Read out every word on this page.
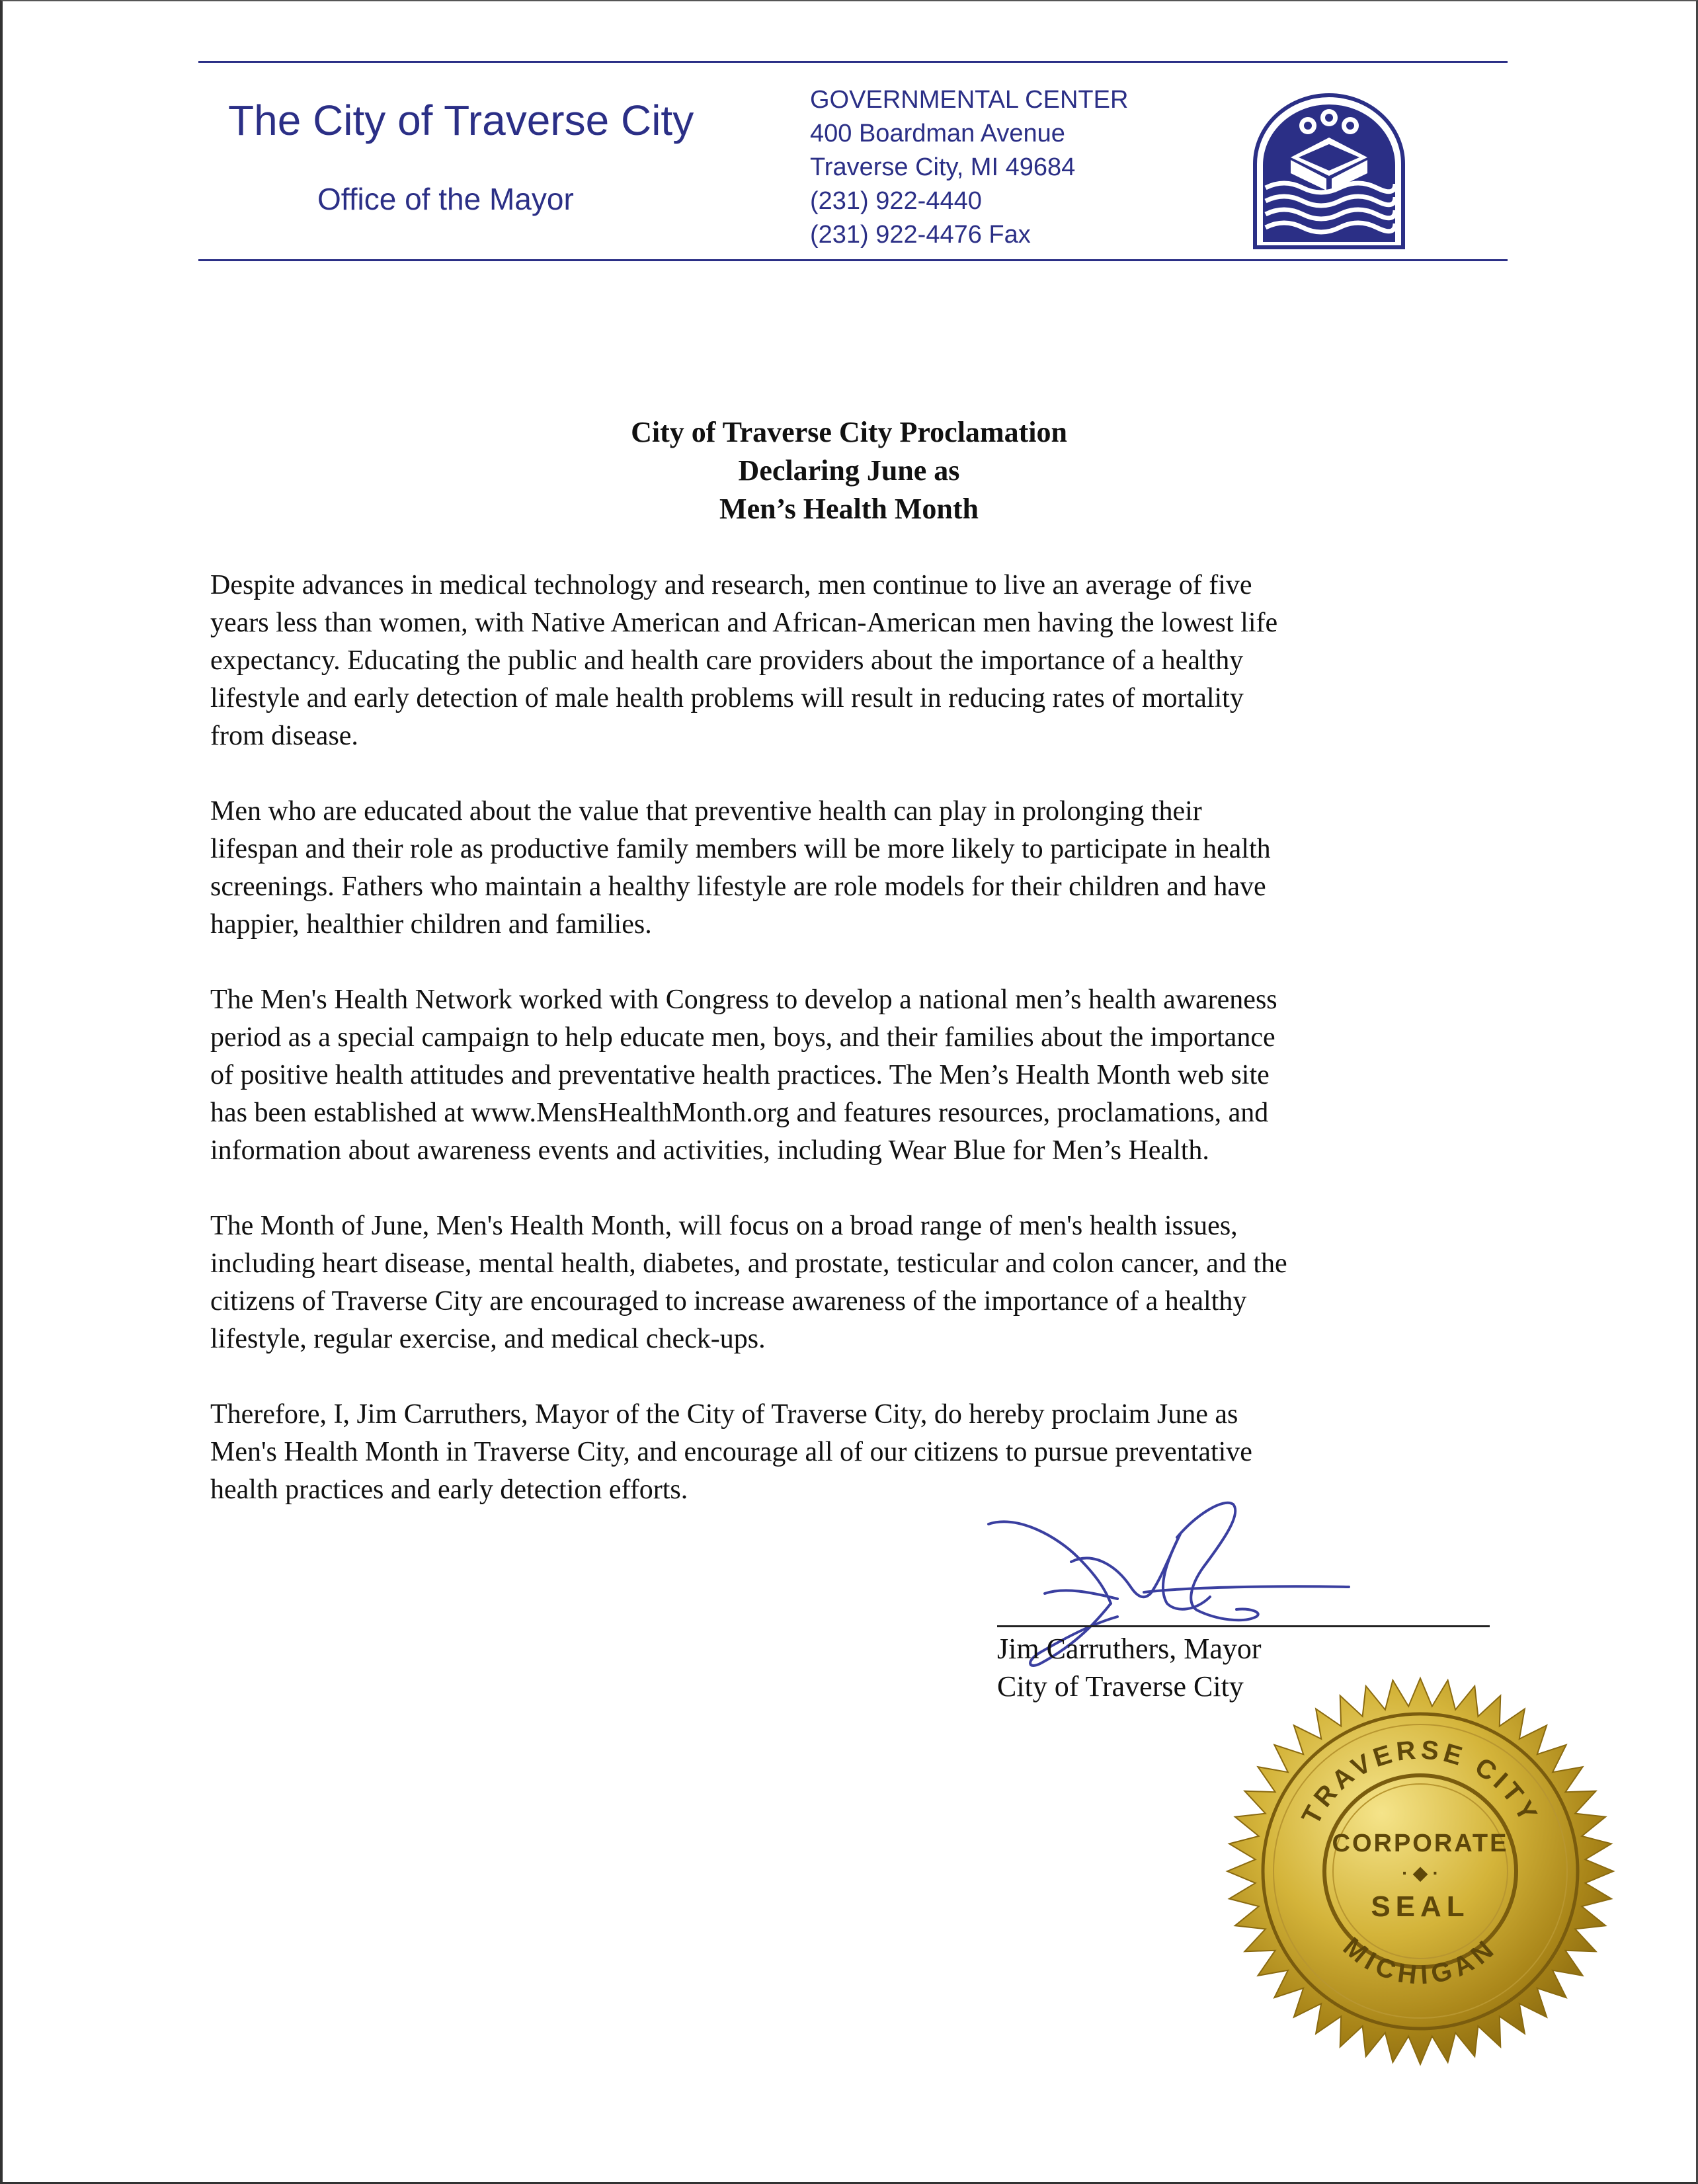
The City of Traverse City
Office of the Mayor
GOVERNMENTAL CENTER
400 Boardman Avenue
Traverse City, MI 49684
(231) 922-4440
(231) 922-4476 Fax
City of Traverse City Proclamation
Declaring June as
Men’s Health Month
Despite advances in medical technology and research, men continue to live an average of five
years less than women, with Native American and African-American men having the lowest life
expectancy. Educating the public and health care providers about the importance of a healthy
lifestyle and early detection of male health problems will result in reducing rates of mortality
from disease.
Men who are educated about the value that preventive health can play in prolonging their
lifespan and their role as productive family members will be more likely to participate in health
screenings. Fathers who maintain a healthy lifestyle are role models for their children and have
happier, healthier children and families.
The Men's Health Network worked with Congress to develop a national men’s health awareness
period as a special campaign to help educate men, boys, and their families about the importance
of positive health attitudes and preventative health practices. The Men’s Health Month web site
has been established at www.MensHealthMonth.org and features resources, proclamations, and
information about awareness events and activities, including Wear Blue for Men’s Health.
The Month of June, Men's Health Month, will focus on a broad range of men's health issues,
including heart disease, mental health, diabetes, and prostate, testicular and colon cancer, and the
citizens of Traverse City are encouraged to increase awareness of the importance of a healthy
lifestyle, regular exercise, and medical check-ups.
Therefore, I, Jim Carruthers, Mayor of the City of Traverse City, do hereby proclaim June as
Men's Health Month in Traverse City, and encourage all of our citizens to pursue preventative
health practices and early detection efforts.
Jim Carruthers, Mayor
City of Traverse City
TRAVERSE CITY
MICHIGAN
CORPORATE
· ◆ ·
SEAL
